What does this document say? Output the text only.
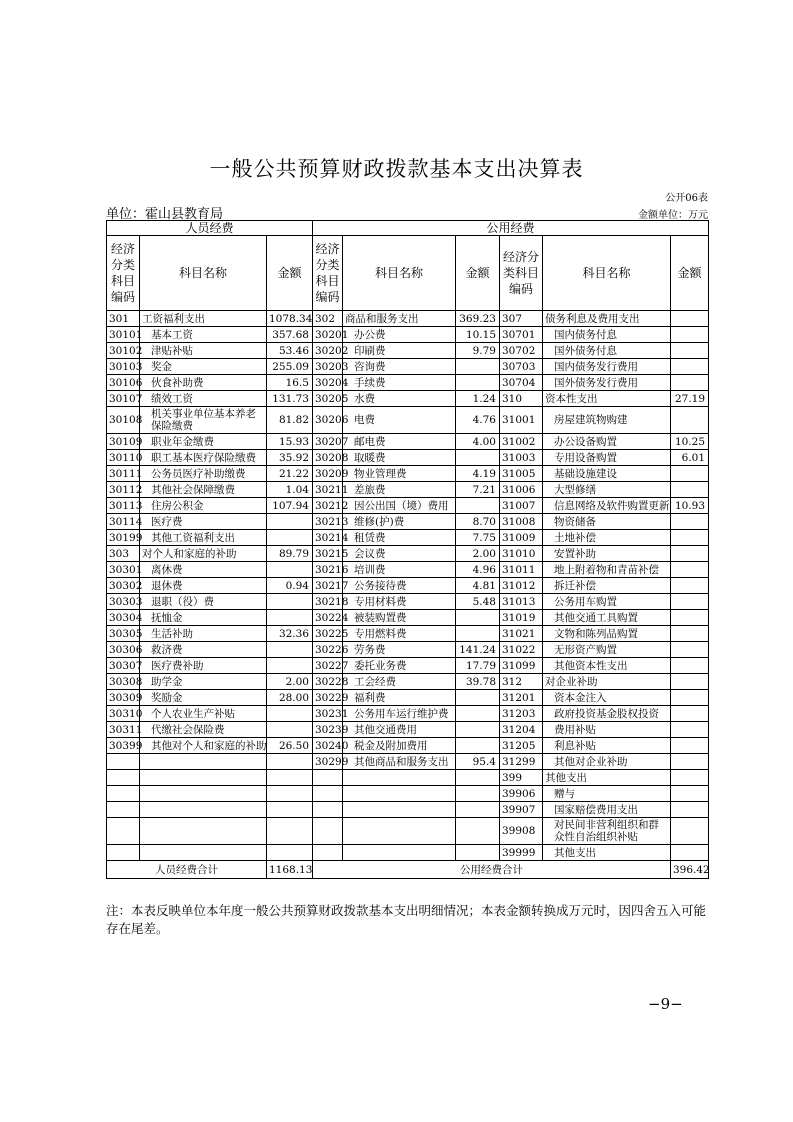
一般公共预算财政拨款基本支出决算表
公开06表
单位：霍山县教育局	金额单位：万元
人员经费			公用经费					
经济分类科目编码	科目名称	金额	经济分类科目编码	科目名称	金额	经济分类科目编码	科目名称	金额
301	工资福利支出	1078.34	302	商品和服务支出	369.23	307	债务利息及费用支出	
30101	基本工资	357.68	30201	办公费	10.15	30701	国内债务付息	
30102	津贴补贴	53.46	30202	印刷费	9.79	30702	国外债务付息	
30103	奖金	255.09	30203	咨询费		30703	国内债务发行费用	
30106	伙食补助费	16.5	30204	手续费		30704	国外债务发行费用	
30107	绩效工资	131.73	30205	水费	1.24	310	资本性支出	27.19
30108	机关事业单位基本养老保险缴费	81.82	30206	电费	4.76	31001	房屋建筑物购建	
30109	职业年金缴费	15.93	30207	邮电费	4.00	31002	办公设备购置	10.25
30110	职工基本医疗保险缴费	35.92	30208	取暖费		31003	专用设备购置	6.01
30111	公务员医疗补助缴费	21.22	30209	物业管理费	4.19	31005	基础设施建设	
30112	其他社会保障缴费	1.04	30211	差旅费	7.21	31006	大型修缮	
30113	住房公积金	107.94	30212	因公出国（境）费用		31007	信息网络及软件购置更新	10.93
30114	医疗费		30213	维修(护)费	8.70	31008	物资储备	
30199	其他工资福利支出		30214	租赁费	7.75	31009	土地补偿	
303	对个人和家庭的补助	89.79	30215	会议费	2.00	31010	安置补助	
30301	离休费		30216	培训费	4.96	31011	地上附着物和青苗补偿	
30302	退休费	0.94	30217	公务接待费	4.81	31012	拆迁补偿	
30303	退职（役）费		30218	专用材料费	5.48	31013	公务用车购置	
30304	抚恤金		30224	被装购置费		31019	其他交通工具购置	
30305	生活补助	32.36	30225	专用燃料费		31021	文物和陈列品购置	
30306	救济费		30226	劳务费	141.24	31022	无形资产购置	
30307	医疗费补助		30227	委托业务费	17.79	31099	其他资本性支出	
30308	助学金	2.00	30228	工会经费	39.78	312	对企业补助	
30309	奖励金	28.00	30229	福利费		31201	资本金注入	
30310	个人农业生产补贴		30231	公务用车运行维护费		31203	政府投资基金股权投资	
30311	代缴社会保险费		30239	其他交通费用		31204	费用补贴	
30399	其他对个人和家庭的补助	26.50	30240	税金及附加费用		31205	利息补贴	
			30299	其他商品和服务支出	95.4	31299	其他对企业补助	
						399	其他支出	
						39906	赠与	
						39907	国家赔偿费用支出	
						39908	对民间非营利组织和群众性自治组织补贴	
						39999	其他支出	
人员经费合计		1168.13	公用经费合计					396.42
注：本表反映单位本年度一般公共预算财政拨款基本支出明细情况；本表金额转换成万元时，因四舍五入可能存在尾差。
−9−
